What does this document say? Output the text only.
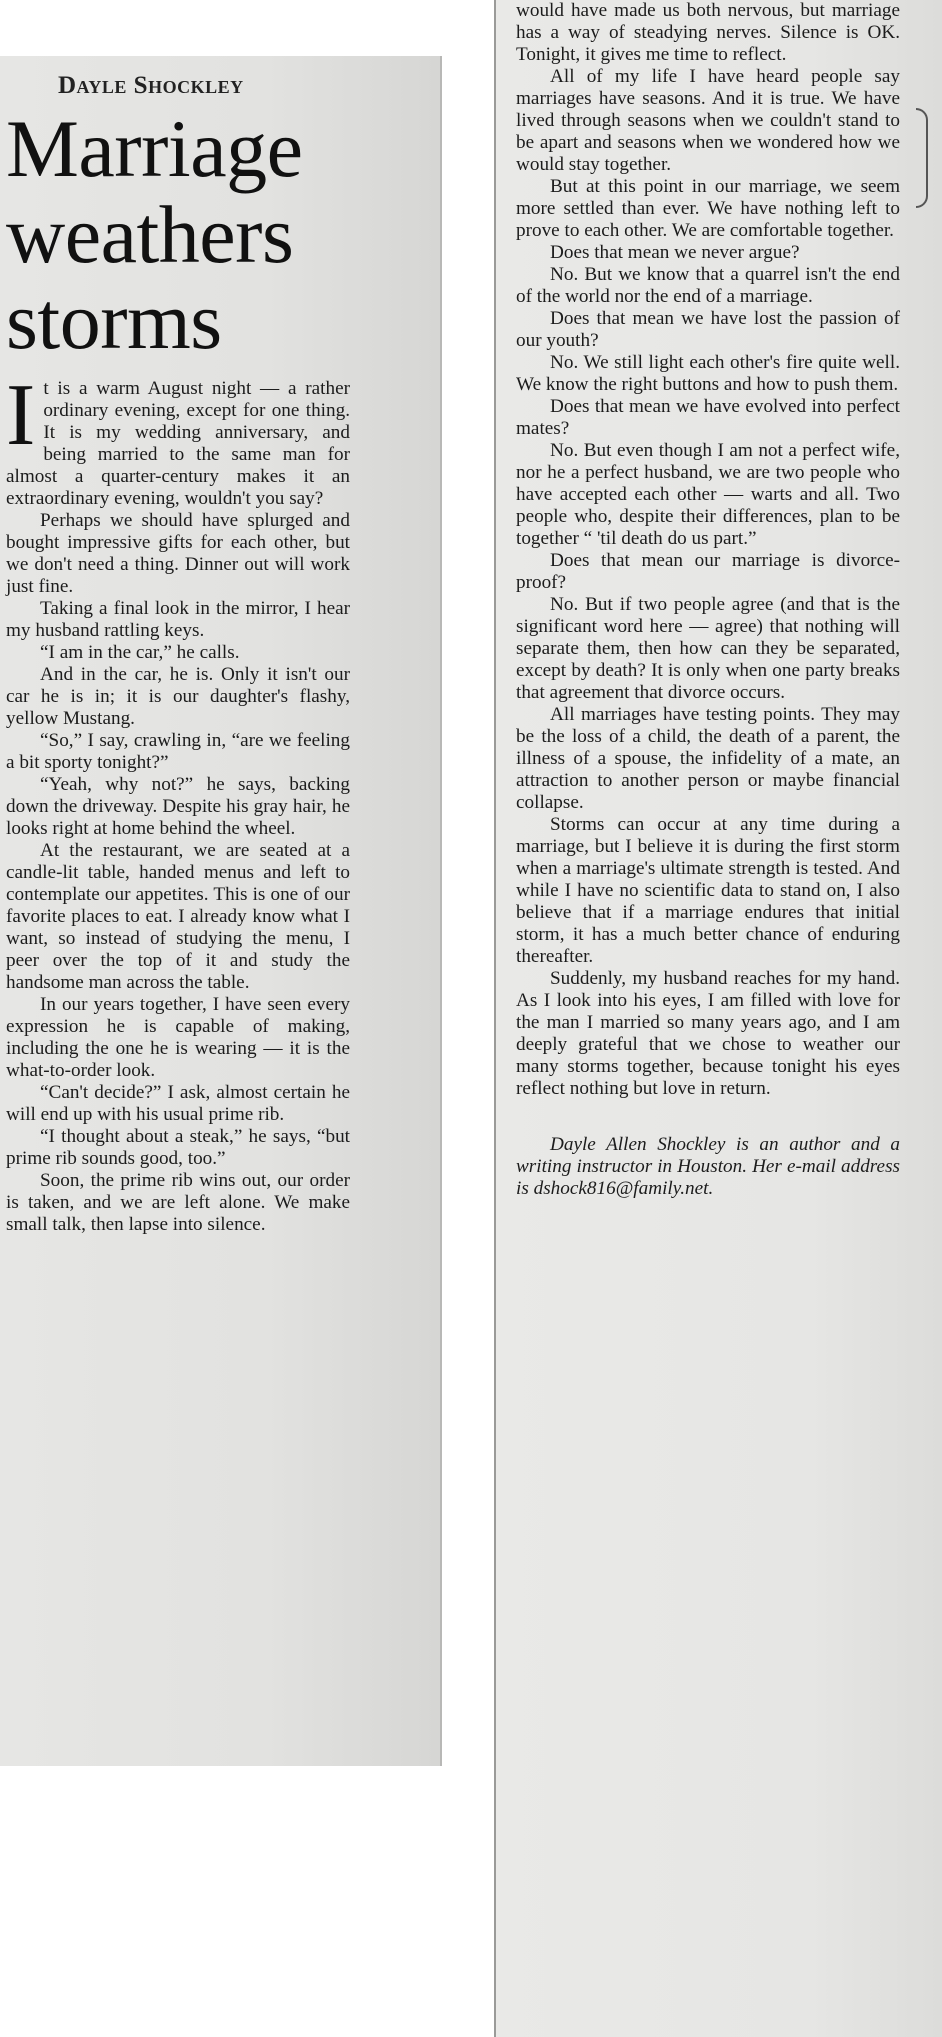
Dayle Shockley
Marriage weathers storms

It is a warm August night — a rather ordinary evening, except for one thing. It is my wedding anniversary, and being married to the same man for almost a quarter-century makes it an extraordinary evening, wouldn't you say?

Perhaps we should have splurged and bought impressive gifts for each other, but we don't need a thing. Dinner out will work just fine.

Taking a final look in the mirror, I hear my husband rattling keys.

“I am in the car,” he calls.

And in the car, he is. Only it isn't our car he is in; it is our daughter's flashy, yellow Mustang.

“So,” I say, crawling in, “are we feeling a bit sporty tonight?”

“Yeah, why not?” he says, backing down the driveway. Despite his gray hair, he looks right at home behind the wheel.

At the restaurant, we are seated at a candle-lit table, handed menus and left to contemplate our appetites. This is one of our favorite places to eat. I already know what I want, so instead of studying the menu, I peer over the top of it and study the handsome man across the table.

In our years together, I have seen every expression he is capable of making, including the one he is wearing — it is the what-to-order look.

“Can't decide?” I ask, almost certain he will end up with his usual prime rib.

“I thought about a steak,” he says, “but prime rib sounds good, too.”

Soon, the prime rib wins out, our order is taken, and we are left alone. We make small talk, then lapse into silence.

would have made us both nervous, but marriage has a way of steadying nerves. Silence is OK. Tonight, it gives me time to reflect.

All of my life I have heard people say marriages have seasons. And it is true. We have lived through seasons when we couldn't stand to be apart and seasons when we wondered how we would stay together.

But at this point in our marriage, we seem more settled than ever. We have nothing left to prove to each other. We are comfortable together.

Does that mean we never argue?

No. But we know that a quarrel isn't the end of the world nor the end of a marriage.

Does that mean we have lost the passion of our youth?

No. We still light each other's fire quite well. We know the right buttons and how to push them.

Does that mean we have evolved into perfect mates?

No. But even though I am not a perfect wife, nor he a perfect husband, we are two people who have accepted each other — warts and all. Two people who, despite their differences, plan to be together “ 'til death do us part.”

Does that mean our marriage is divorce-proof?

No. But if two people agree (and that is the significant word here — agree) that nothing will separate them, then how can they be separated, except by death? It is only when one party breaks that agreement that divorce occurs.

All marriages have testing points. They may be the loss of a child, the death of a parent, the illness of a spouse, the infidelity of a mate, an attraction to another person or maybe financial collapse.

Storms can occur at any time during a marriage, but I believe it is during the first storm when a marriage's ultimate strength is tested. And while I have no scientific data to stand on, I also believe that if a marriage endures that initial storm, it has a much better chance of enduring thereafter.

Suddenly, my husband reaches for my hand. As I look into his eyes, I am filled with love for the man I married so many years ago, and I am deeply grateful that we chose to weather our many storms together, because tonight his eyes reflect nothing but love in return.

Dayle Allen Shockley is an author and a writing instructor in Houston. Her e-mail address is dshock816@family.net.
